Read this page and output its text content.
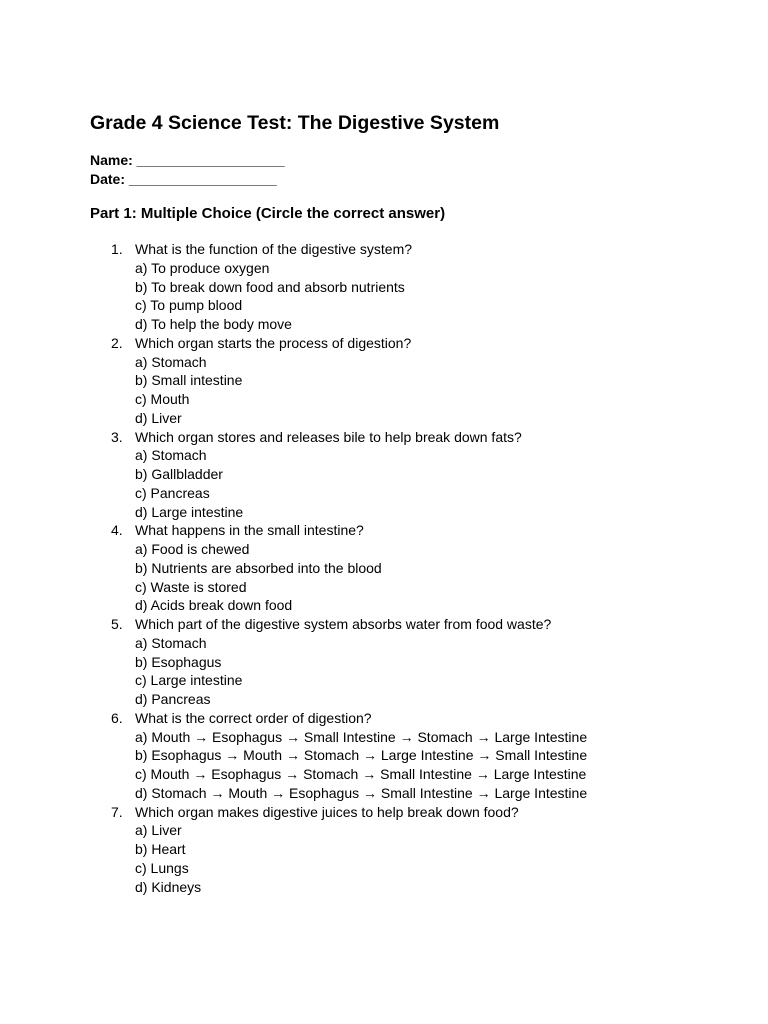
Grade 4 Science Test: The Digestive System
Name: ___________________
Date: ___________________
Part 1: Multiple Choice (Circle the correct answer)
1. What is the function of the digestive system?
a) To produce oxygen
b) To break down food and absorb nutrients
c) To pump blood
d) To help the body move
2. Which organ starts the process of digestion?
a) Stomach
b) Small intestine
c) Mouth
d) Liver
3. Which organ stores and releases bile to help break down fats?
a) Stomach
b) Gallbladder
c) Pancreas
d) Large intestine
4. What happens in the small intestine?
a) Food is chewed
b) Nutrients are absorbed into the blood
c) Waste is stored
d) Acids break down food
5. Which part of the digestive system absorbs water from food waste?
a) Stomach
b) Esophagus
c) Large intestine
d) Pancreas
6. What is the correct order of digestion?
a) Mouth → Esophagus → Small Intestine → Stomach → Large Intestine
b) Esophagus → Mouth → Stomach → Large Intestine → Small Intestine
c) Mouth → Esophagus → Stomach → Small Intestine → Large Intestine
d) Stomach → Mouth → Esophagus → Small Intestine → Large Intestine
7. Which organ makes digestive juices to help break down food?
a) Liver
b) Heart
c) Lungs
d) Kidneys
